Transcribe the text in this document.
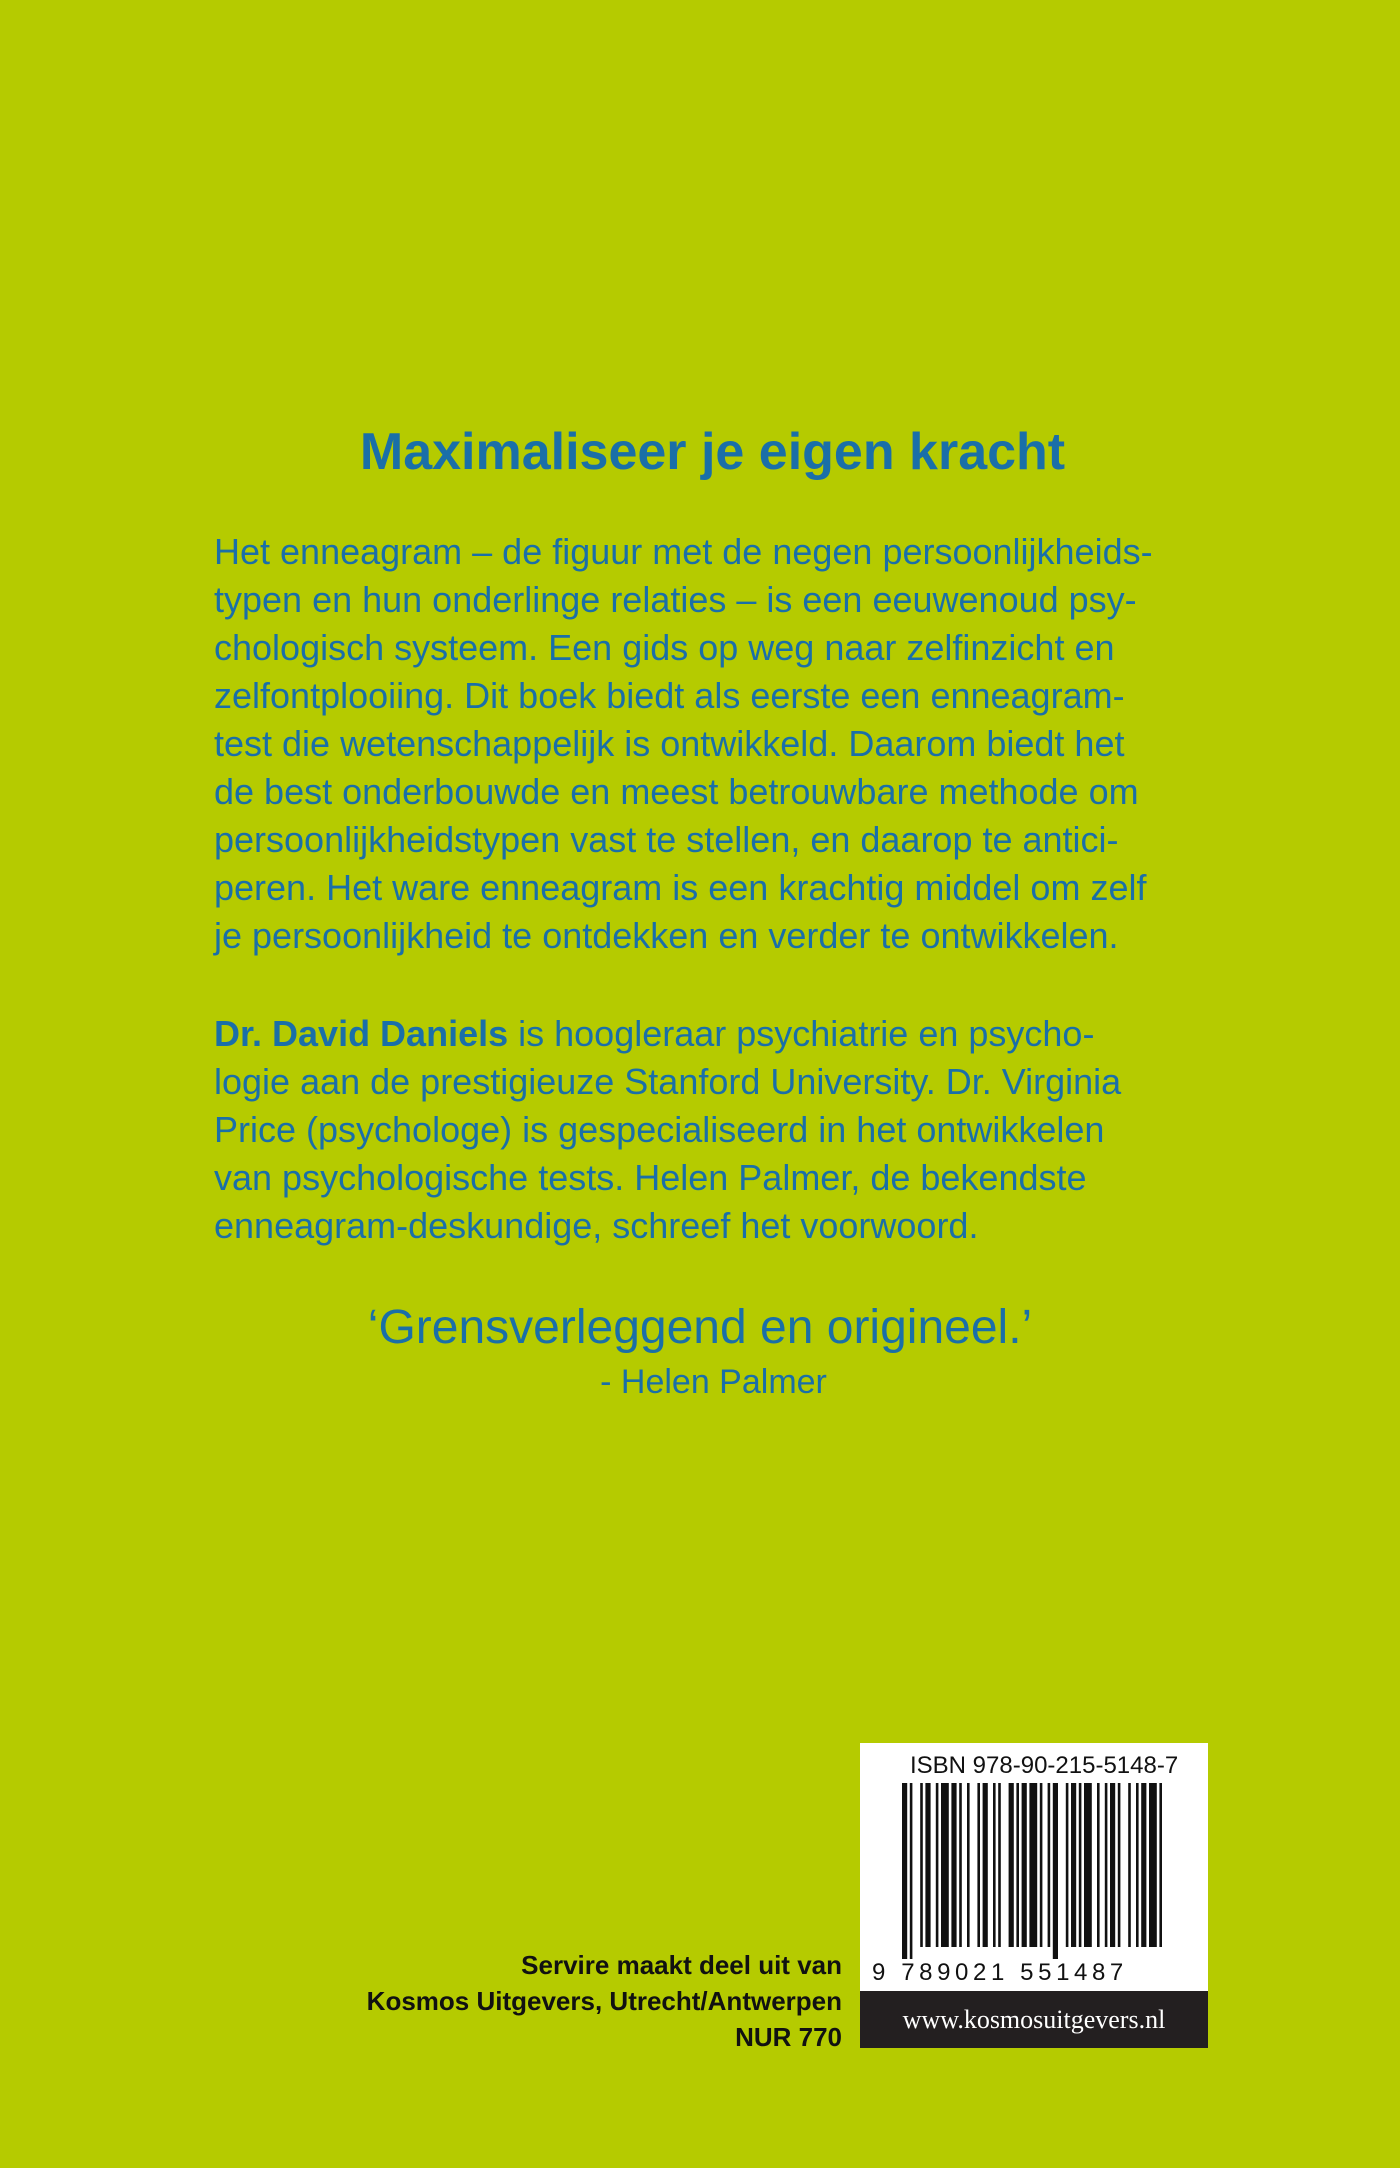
Maximaliseer je eigen kracht

Het enneagram – de figuur met de negen persoonlijkheids-
typen en hun onderlinge relaties – is een eeuwenoud psy-
chologisch systeem. Een gids op weg naar zelfinzicht en
zelfontplooiing. Dit boek biedt als eerste een enneagram-
test die wetenschappelijk is ontwikkeld. Daarom biedt het
de best onderbouwde en meest betrouwbare methode om
persoonlijkheidstypen vast te stellen, en daarop te antici-
peren. Het ware enneagram is een krachtig middel om zelf
je persoonlijkheid te ontdekken en verder te ontwikkelen.

Dr. David Daniels is hoogleraar psychiatrie en psycho-
logie aan de prestigieuze Stanford University. Dr. Virginia
Price (psychologe) is gespecialiseerd in het ontwikkelen
van psychologische tests. Helen Palmer, de bekendste
enneagram-deskundige, schreef het voorwoord.

‘Grensverleggend en origineel.’

- Helen Palmer

Servire maakt deel uit van
Kosmos Uitgevers, Utrecht/Antwerpen
NUR 770
ISBN 978-90-215-5148-7
9 789021 551487
www.kosmosuitgevers.nl
